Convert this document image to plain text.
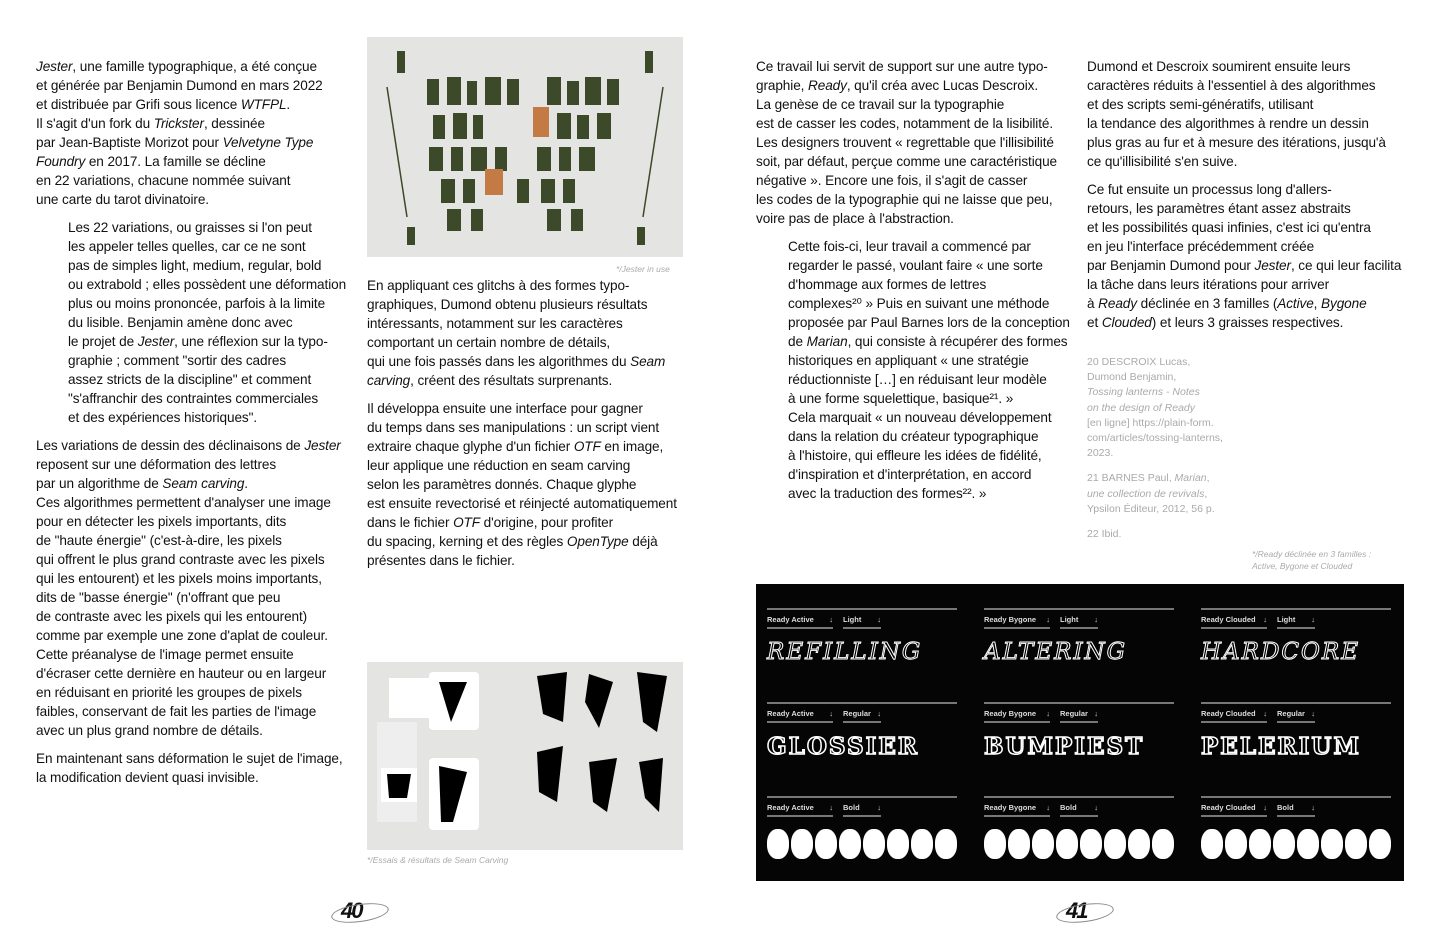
Jester, une famille typographique, a été conçue
et générée par Benjamin Dumond en mars 2022
et distribuée par Grifi sous licence WTFPL.
Il s'agit d'un fork du Trickster, dessinée
par Jean-Baptiste Morizot pour Velvetyne Type
Foundry en 2017. La famille se décline
en 22 variations, chacune nommée suivant
une carte du tarot divinatoire.

Les 22 variations, ou graisses si l'on peut
les appeler telles quelles, car ce ne sont
pas de simples light, medium, regular, bold
ou extrabold ; elles possèdent une déformation
plus ou moins prononcée, parfois à la limite
du lisible. Benjamin amène donc avec
le projet de Jester, une réflexion sur la typo-
graphie ; comment "sortir des cadres
assez stricts de la discipline" et comment
"s'affranchir des contraintes commerciales
et des expériences historiques".

Les variations de dessin des déclinaisons de Jester
reposent sur une déformation des lettres
par un algorithme de Seam carving.
Ces algorithmes permettent d'analyser une image
pour en détecter les pixels importants, dits
de "haute énergie" (c'est-à-dire, les pixels
qui offrent le plus grand contraste avec les pixels
qui les entourent) et les pixels moins importants,
dits de "basse énergie" (n'offrant que peu
de contraste avec les pixels qui les entourent)
comme par exemple une zone d'aplat de couleur.
Cette préanalyse de l'image permet ensuite
d'écraser cette dernière en hauteur ou en largeur
en réduisant en priorité les groupes de pixels
faibles, conservant de fait les parties de l'image
avec un plus grand nombre de détails.

En maintenant sans déformation le sujet de l'image,
la modification devient quasi invisible.

*/Jester in use

En appliquant ces glitchs à des formes typo-
graphiques, Dumond obtenu plusieurs résultats
intéressants, notamment sur les caractères
comportant un certain nombre de détails,
qui une fois passés dans les algorithmes du Seam
carving, créent des résultats surprenants.

Il développa ensuite une interface pour gagner
du temps dans ses manipulations : un script vient
extraire chaque glyphe d'un fichier OTF en image,
leur applique une réduction en seam carving
selon les paramètres donnés. Chaque glyphe
est ensuite revectorisé et réinjecté automatiquement
dans le fichier OTF d'origine, pour profiter
du spacing, kerning et des règles OpenType déjà
présentes dans le fichier.

*/Essais & résultats de Seam Carving
40

Ce travail lui servit de support sur une autre typo-
graphie, Ready, qu'il créa avec Lucas Descroix.
La genèse de ce travail sur la typographie
est de casser les codes, notamment de la lisibilité.
Les designers trouvent « regrettable que l'illisibilité
soit, par défaut, perçue comme une caractéristique
négative ». Encore une fois, il s'agit de casser
les codes de la typographie qui ne laisse que peu,
voire pas de place à l'abstraction.

Cette fois-ci, leur travail a commencé par
regarder le passé, voulant faire « une sorte
d'hommage aux formes de lettres
complexes²⁰ » Puis en suivant une méthode
proposée par Paul Barnes lors de la conception
de Marian, qui consiste à récupérer des formes
historiques en appliquant « une stratégie
réductionniste […] en réduisant leur modèle
à une forme squelettique, basique²¹. »
Cela marquait « un nouveau développement
dans la relation du créateur typographique
à l'histoire, qui effleure les idées de fidélité,
d'inspiration et d'interprétation, en accord
avec la traduction des formes²². »

Dumond et Descroix soumirent ensuite leurs
caractères réduits à l'essentiel à des algorithmes
et des scripts semi-génératifs, utilisant
la tendance des algorithmes à rendre un dessin
plus gras au fur et à mesure des itérations, jusqu'à
ce qu'illisibilité s'en suive.

Ce fut ensuite un processus long d'allers-
retours, les paramètres étant assez abstraits
et les possibilités quasi infinies, c'est ici qu'entra
en jeu l'interface précédemment créée
par Benjamin Dumond pour Jester, ce qui leur facilita
la tâche dans leurs itérations pour arriver
à Ready déclinée en 3 familles (Active, Bygone
et Clouded) et leurs 3 graisses respectives.

20 DESCROIX Lucas,
Dumond Benjamin,
Tossing lanterns - Notes
on the design of Ready
[en ligne] https://plain-form.
com/articles/tossing-lanterns,
2023.

21 BARNES Paul, Marian,
une collection de revivals,
Ypsilon Éditeur, 2012, 56 p.

22 Ibid.

*/Ready déclinée en 3 familles :
Active, Bygone et Clouded
Ready Active ↓ Light ↓
REFILLING
Ready Bygone ↓ Light ↓
ALTERING
Ready Clouded ↓ Light ↓
HARDCORE
Ready Active ↓ Regular ↓
GLOSSIER
Ready Bygone ↓ Regular ↓
BUMPIEST
Ready Clouded ↓ Regular ↓
PELERIUM
Ready Active ↓ Bold ↓	Ready Bygone ↓ Bold ↓	Ready Clouded ↓ Bold ↓
41
